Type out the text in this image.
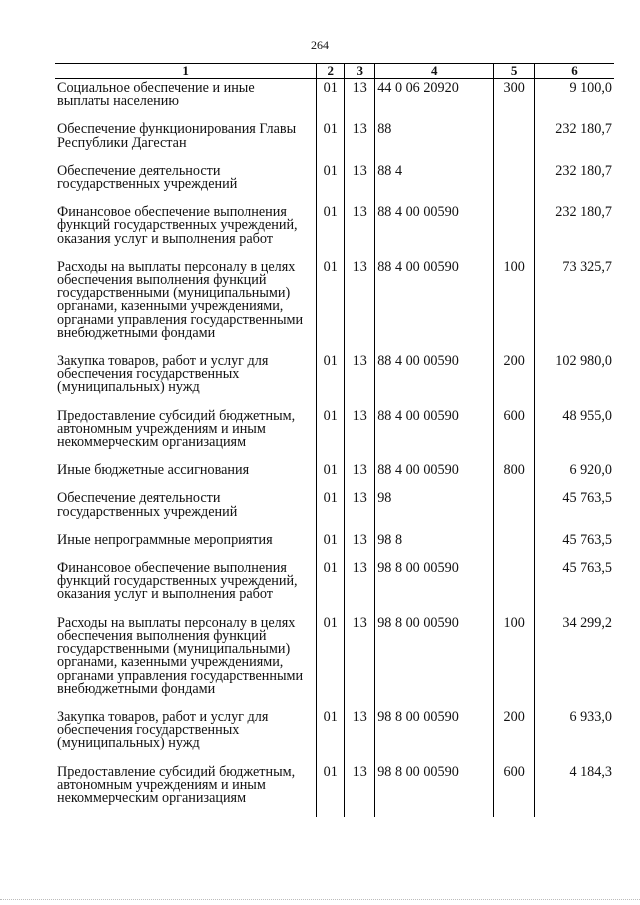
264
1	2	3	4	5	6
Социальное обеспечение и иные выплаты населению	01	13	44 0 06 20920	300	9 100,0
Обеспечение функционирования Главы Республики Дагестан	01	13	88		232 180,7
Обеспечение деятельности государственных учреждений	01	13	88 4		232 180,7
Финансовое обеспечение выполнения функций государственных учреждений, оказания услуг и выполнения работ	01	13	88 4 00 00590		232 180,7
Расходы на выплаты персоналу в целях обеспечения выполнения функций государственными (муниципальными) органами, казенными учреждениями, органами управления государственными внебюджетными фондами	01	13	88 4 00 00590	100	73 325,7
Закупка товаров, работ и услуг для обеспечения государственных (муниципальных) нужд	01	13	88 4 00 00590	200	102 980,0
Предоставление субсидий бюджетным, автономным учреждениям и иным некоммерческим организациям	01	13	88 4 00 00590	600	48 955,0
Иные бюджетные ассигнования	01	13	88 4 00 00590	800	6 920,0
Обеспечение деятельности государственных учреждений	01	13	98		45 763,5
Иные непрограммные мероприятия	01	13	98 8		45 763,5
Финансовое обеспечение выполнения функций государственных учреждений, оказания услуг и выполнения работ	01	13	98 8 00 00590		45 763,5
Расходы на выплаты персоналу в целях обеспечения выполнения функций государственными (муниципальными) органами, казенными учреждениями, органами управления государственными внебюджетными фондами	01	13	98 8 00 00590	100	34 299,2
Закупка товаров, работ и услуг для обеспечения государственных (муниципальных) нужд	01	13	98 8 00 00590	200	6 933,0
Предоставление субсидий бюджетным, автономным учреждениям и иным некоммерческим организациям	01	13	98 8 00 00590	600	4 184,3
